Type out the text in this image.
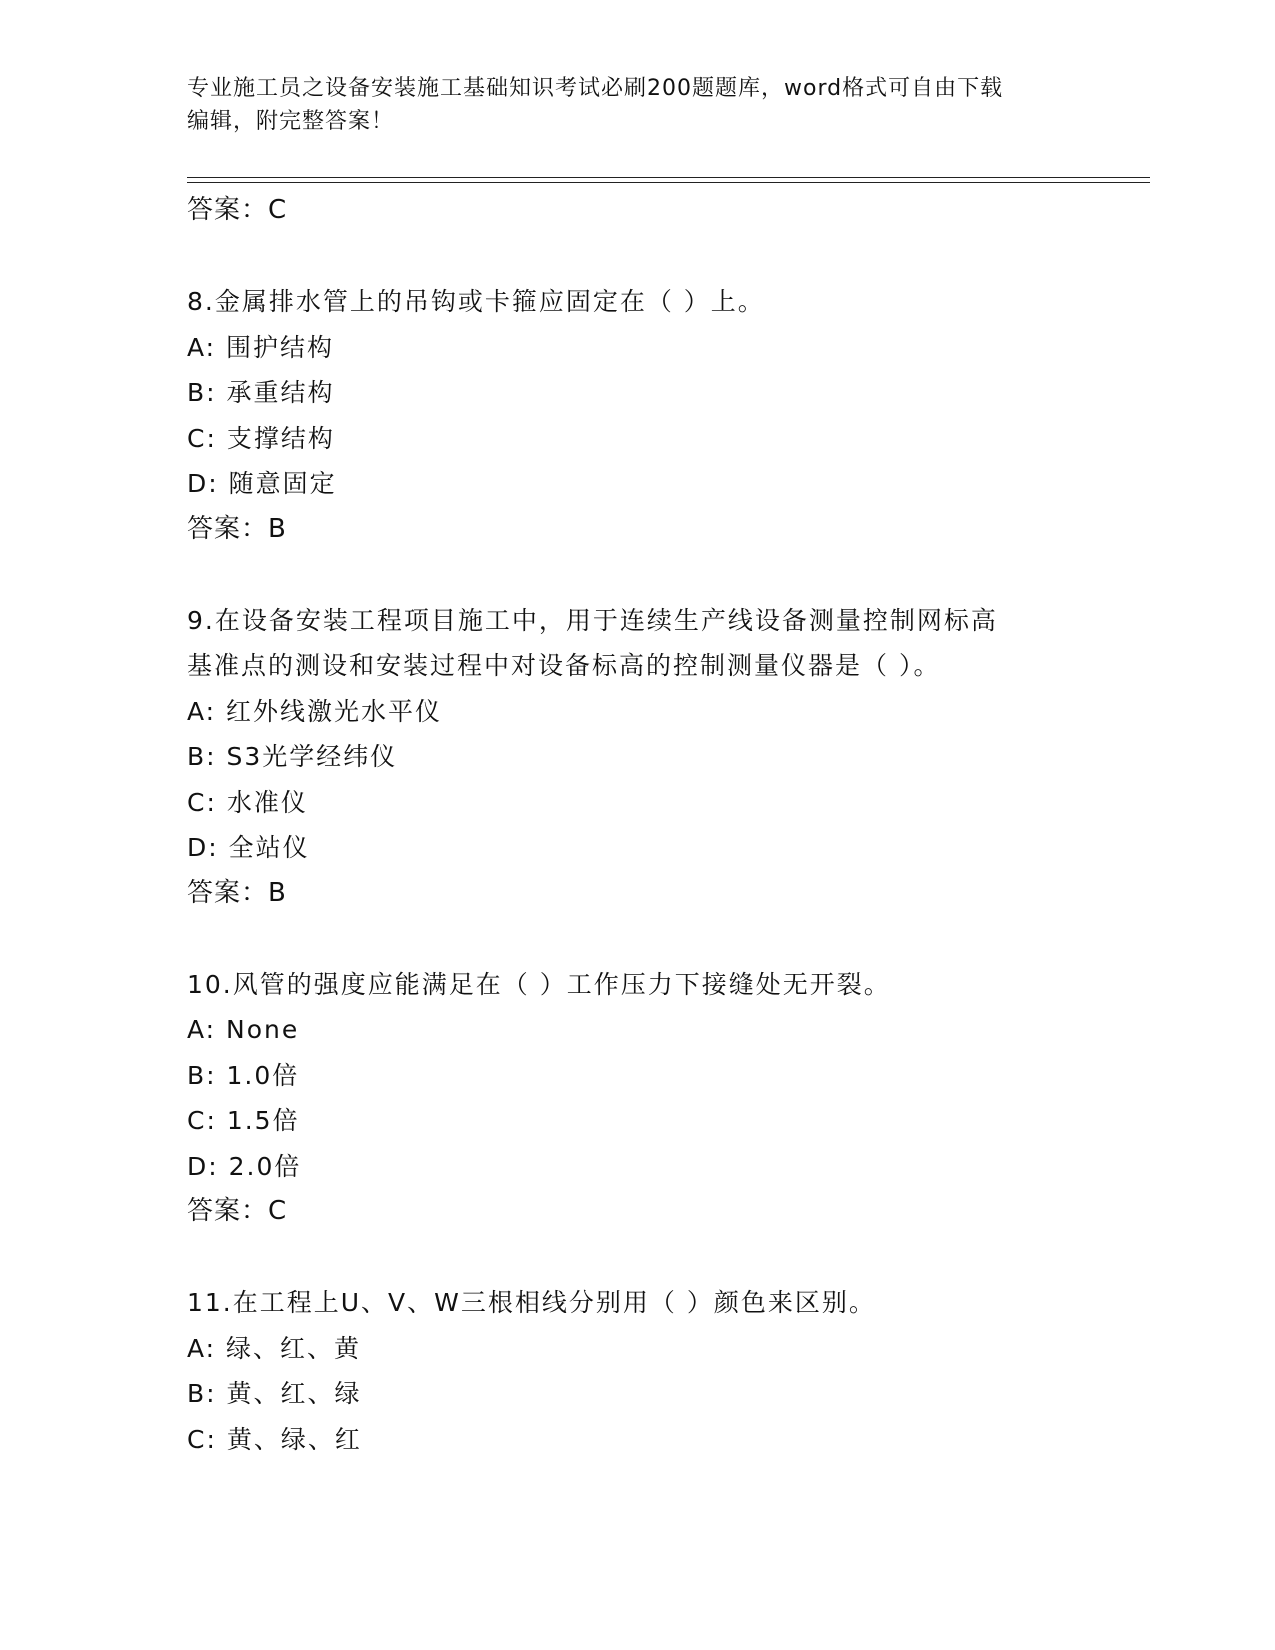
专业施工员之设备安装施工基础知识考试必刷200题题库，word格式可自由下载
编辑，附完整答案！
答案：C
8.金属排水管上的吊钩或卡箍应固定在（ ）上。
A: 围护结构
B: 承重结构
C: 支撑结构
D: 随意固定
答案：B
9.在设备安装工程项目施工中，用于连续生产线设备测量控制网标高
基准点的测设和安装过程中对设备标高的控制测量仪器是（ ）。
A: 红外线激光水平仪
B: S3光学经纬仪
C: 水准仪
D: 全站仪
答案：B
10.风管的强度应能满足在（ ）工作压力下接缝处无开裂。
A: None
B: 1.0倍
C: 1.5倍
D: 2.0倍
答案：C
11.在工程上U、V、W三根相线分别用（ ）颜色来区别。
A: 绿、红、黄
B: 黄、红、绿
C: 黄、绿、红
